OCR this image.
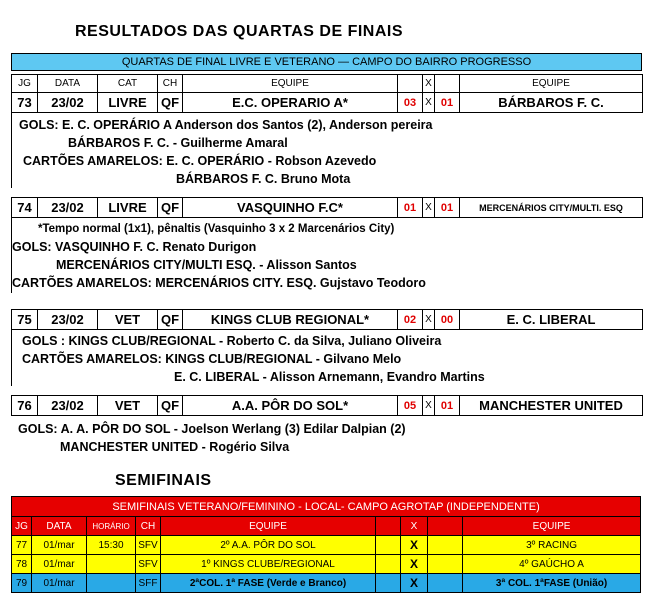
RESULTADOS DAS QUARTAS DE FINAIS
QUARTAS DE FINAL LIVRE E VETERANO — CAMPO DO BAIRRO PROGRESSO
JG	DATA	CAT	CH	EQUIPE		X		EQUIPE
73	23/02	LIVRE	QF	E.C. OPERARIO A*	03	X	01	BÁRBAROS F. C.
GOLS: E. C. OPERÁRIO A Anderson dos Santos (2), Anderson pereira
BÁRBAROS F. C. - Guilherme Amaral
CARTÕES AMARELOS: E. C. OPERÁRIO - Robson Azevedo
BÁRBAROS F. C. Bruno Mota
74	23/02	LIVRE	QF	VASQUINHO F.C*	01	X	01	MERCENÁRIOS CITY/MULTI. ESQ
*Tempo normal (1x1), pênaltis (Vasquinho 3 x 2 Marcenários City)
GOLS: VASQUINHO F. C. Renato Durigon
MERCENÁRIOS CITY/MULTI ESQ. - Alisson Santos
CARTÕES AMARELOS: MERCENÁRIOS CITY. ESQ. Gujstavo Teodoro
75	23/02	VET	QF	KINGS CLUB REGIONAL*	02	X	00	E. C. LIBERAL
GOLS : KINGS CLUB/REGIONAL - Roberto C. da Silva, Juliano Oliveira
CARTÕES AMARELOS: KINGS CLUB/REGIONAL - Gilvano Melo
E. C. LIBERAL - Alisson Arnemann, Evandro Martins
76	23/02	VET	QF	A.A. PÔR DO SOL*	05	X	01	MANCHESTER UNITED
GOLS: A. A. PÔR DO SOL - Joelson Werlang (3) Edilar Dalpian (2)
MANCHESTER UNITED - Rogério Silva
SEMIFINAIS
SEMIFINAIS VETERANO/FEMININO - LOCAL- CAMPO AGROTAP (INDEPENDENTE)								
JG	DATA	HORÁRIO	CH	EQUIPE		X		EQUIPE
77	01/mar	15:30	SFV	2º A.A. PÔR DO SOL		X		3º RACING
78	01/mar		SFV	1º KINGS CLUBE/REGIONAL		X		4º GAÚCHO A
79	01/mar		SFF	2ªCOL. 1ª FASE (Verde e Branco)		X		3ª COL. 1ªFASE (União)
